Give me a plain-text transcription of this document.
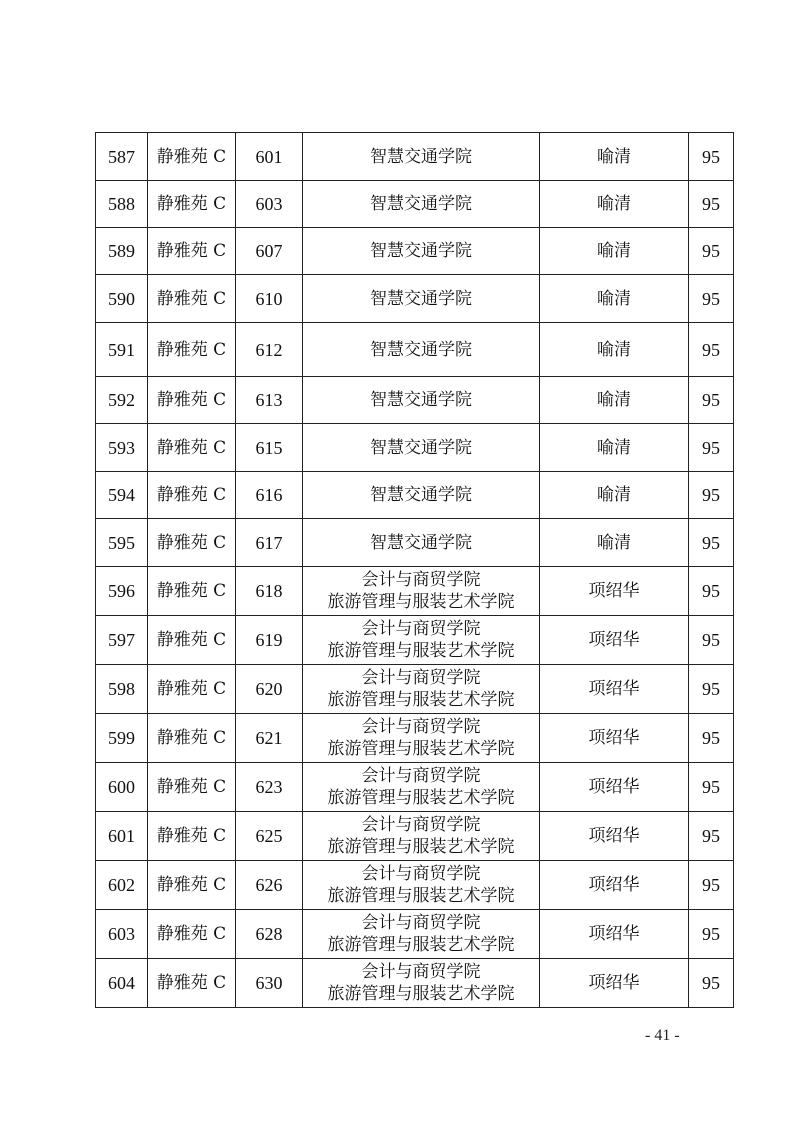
587	静雅苑 C	601	智慧交通学院	喻清	95
588	静雅苑 C	603	智慧交通学院	喻清	95
589	静雅苑 C	607	智慧交通学院	喻清	95
590	静雅苑 C	610	智慧交通学院	喻清	95
591	静雅苑 C	612	智慧交通学院	喻清	95
592	静雅苑 C	613	智慧交通学院	喻清	95
593	静雅苑 C	615	智慧交通学院	喻清	95
594	静雅苑 C	616	智慧交通学院	喻清	95
595	静雅苑 C	617	智慧交通学院	喻清	95
596	静雅苑 C	618	会计与商贸学院
旅游管理与服装艺术学院	项绍华	95
597	静雅苑 C	619	会计与商贸学院
旅游管理与服装艺术学院	项绍华	95
598	静雅苑 C	620	会计与商贸学院
旅游管理与服装艺术学院	项绍华	95
599	静雅苑 C	621	会计与商贸学院
旅游管理与服装艺术学院	项绍华	95
600	静雅苑 C	623	会计与商贸学院
旅游管理与服装艺术学院	项绍华	95
601	静雅苑 C	625	会计与商贸学院
旅游管理与服装艺术学院	项绍华	95
602	静雅苑 C	626	会计与商贸学院
旅游管理与服装艺术学院	项绍华	95
603	静雅苑 C	628	会计与商贸学院
旅游管理与服装艺术学院	项绍华	95
604	静雅苑 C	630	会计与商贸学院
旅游管理与服装艺术学院	项绍华	95
- 41 -
